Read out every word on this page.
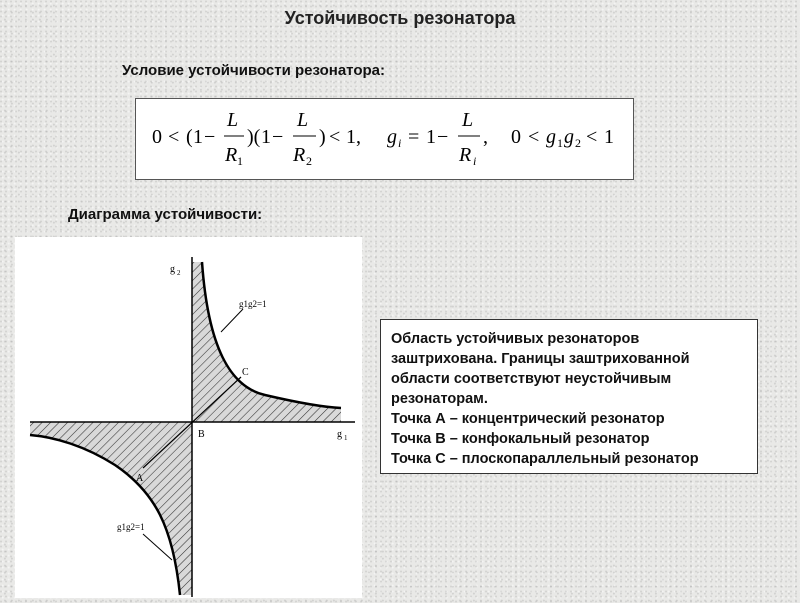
Устойчивость резонатора
Условие устойчивости резонатора:
0 < ( 1 −
L
R 1
)( 1 −
L
R 2
) < 1 , g i = 1 −
L
R i
, 0 < g 1 g 2 < 1
Диаграмма устойчивости:
g 2
g 1
g1g2=1
g1g2=1
A
B
C
Область устойчивых резонаторов
заштрихована. Границы заштрихованной
области соответствуют неустойчивым
резонаторам.
Точка А – концентрический резонатор
Точка В – конфокальный резонатор
Точка С – плоскопараллельный резонатор
